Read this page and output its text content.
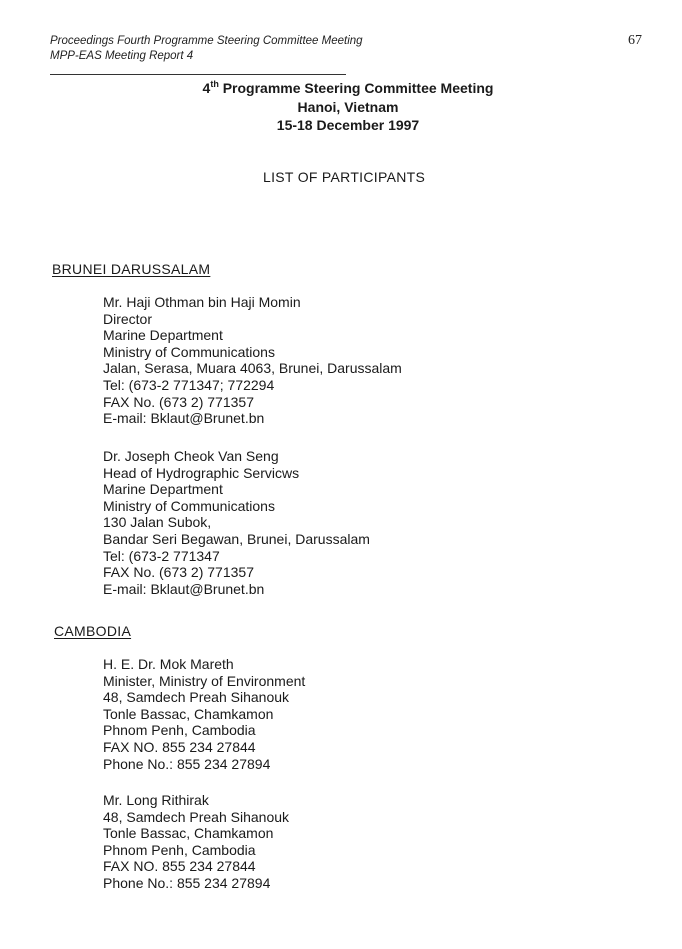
Proceedings Fourth Programme Steering Committee Meeting
MPP-EAS Meeting Report 4
67
4th Programme Steering Committee Meeting
Hanoi, Vietnam
15-18 December 1997
LIST OF PARTICIPANTS
BRUNEI DARUSSALAM
Mr. Haji Othman bin Haji Momin
Director
Marine Department
Ministry of Communications
Jalan, Serasa, Muara 4063, Brunei, Darussalam
Tel: (673-2 771347; 772294
FAX No. (673 2) 771357
E-mail: Bklaut@Brunet.bn
Dr. Joseph Cheok Van Seng
Head of Hydrographic Servicws
Marine Department
Ministry of Communications
130 Jalan Subok,
Bandar Seri Begawan, Brunei, Darussalam
Tel: (673-2 771347
FAX No. (673 2) 771357
E-mail: Bklaut@Brunet.bn
CAMBODIA
H. E. Dr. Mok Mareth
Minister, Ministry of Environment
48, Samdech Preah Sihanouk
Tonle Bassac, Chamkamon
Phnom Penh, Cambodia
FAX NO. 855 234 27844
Phone No.: 855 234 27894
Mr. Long Rithirak
48, Samdech Preah Sihanouk
Tonle Bassac, Chamkamon
Phnom Penh, Cambodia
FAX NO. 855 234 27844
Phone No.: 855 234 27894
